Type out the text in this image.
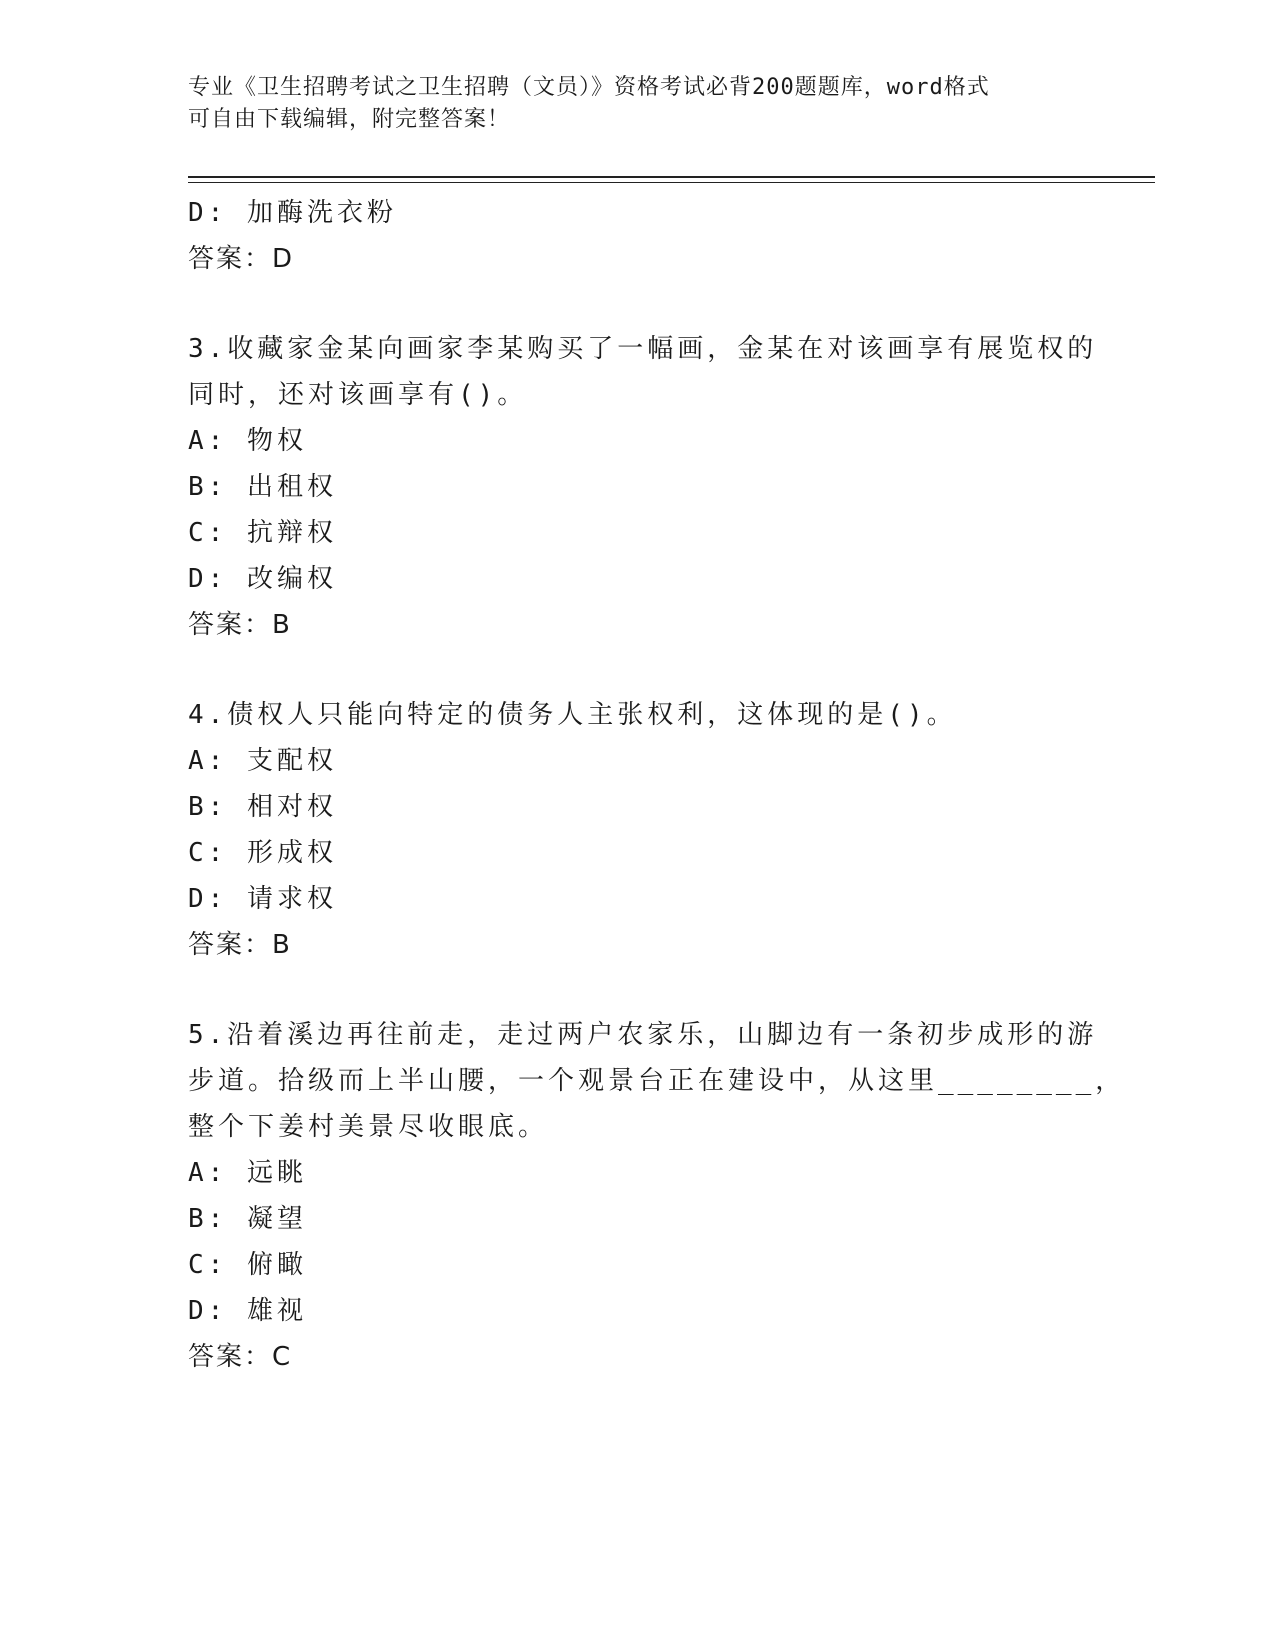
专业《卫生招聘考试之卫生招聘（文员）》资格考试必背200题题库，word格式
可自由下载编辑，附完整答案！
D: 加酶洗衣粉
答案：D
3.收藏家金某向画家李某购买了一幅画，金某在对该画享有展览权的
同时，还对该画享有()。
A: 物权
B: 出租权
C: 抗辩权
D: 改编权
答案：B
4.债权人只能向特定的债务人主张权利，这体现的是()。
A: 支配权
B: 相对权
C: 形成权
D: 请求权
答案：B
5.沿着溪边再往前走，走过两户农家乐，山脚边有一条初步成形的游
步道。拾级而上半山腰，一个观景台正在建设中，从这里________，
整个下姜村美景尽收眼底。
A: 远眺
B: 凝望
C: 俯瞰
D: 雄视
答案：C
